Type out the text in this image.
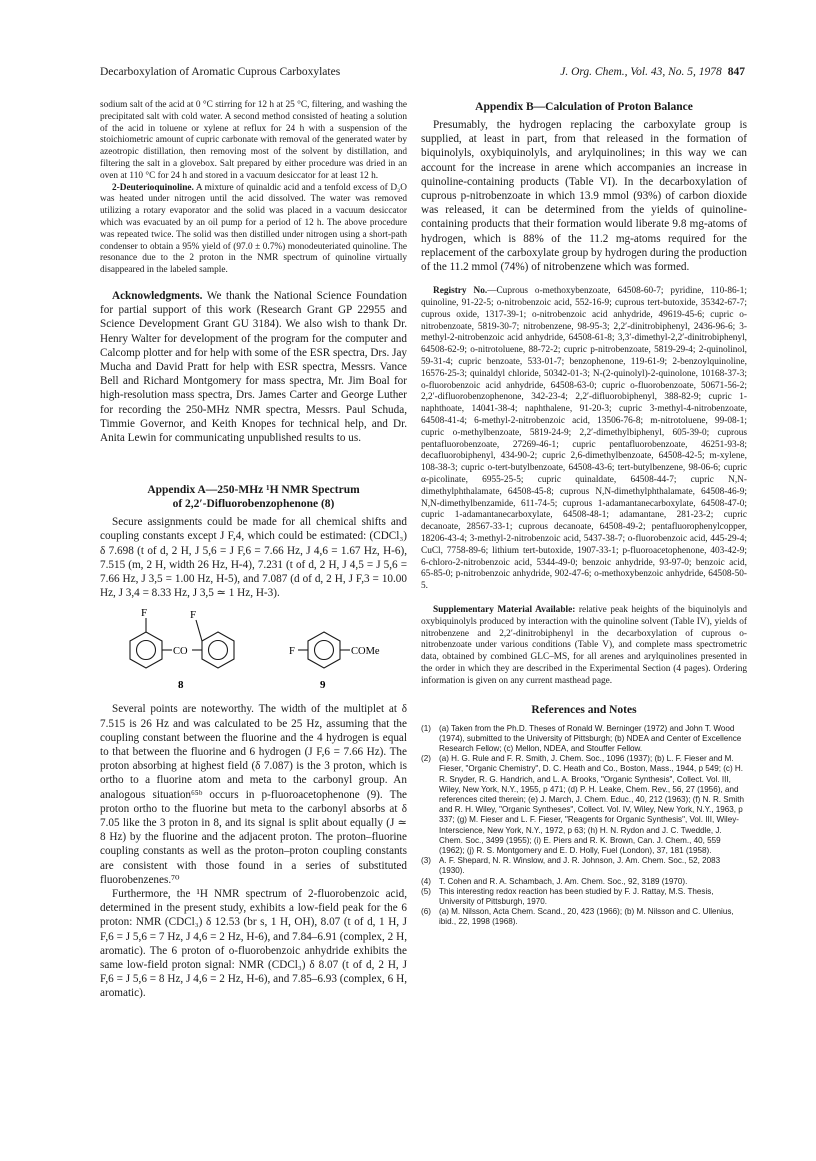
Decarboxylation of Aromatic Cuprous Carboxylates	J. Org. Chem., Vol. 43, No. 5, 1978 847

sodium salt of the acid at 0 °C stirring for 12 h at 25 °C, filtering, and washing the precipitated salt with cold water. A second method consisted of heating a solution of the acid in toluene or xylene at reflux for 24 h with a suspension of the stoichiometric amount of cupric carbonate with removal of the generated water by azeotropic distillation, then removing most of the solvent by distillation, and filtering the salt in a glovebox. Salt prepared by either procedure was dried in an oven at 110 °C for 24 h and stored in a vacuum desiccator for at least 12 h.

2-Deuterioquinoline. A mixture of quinaldic acid and a tenfold excess of D₂O was heated under nitrogen until the acid dissolved. The water was removed utilizing a rotary evaporator and the solid was placed in a vacuum desiccator which was evacuated by an oil pump for a period of 12 h. The above procedure was repeated twice. The solid was then distilled under nitrogen using a short-path condenser to obtain a 95% yield of (97.0 ± 0.7%) monodeuteriated quinoline. The resonance due to the 2 proton in the NMR spectrum of quinoline virtually disappeared in the labeled sample.

Acknowledgments. We thank the National Science Foundation for partial support of this work (Research Grant GP 22955 and Science Development Grant GU 3184). We also wish to thank Dr. Henry Walter for development of the program for the computer and Calcomp plotter and for help with some of the ESR spectra, Drs. Jay Mucha and David Pratt for help with ESR spectra, Messrs. Vance Bell and Richard Montgomery for mass spectra, Mr. Jim Boal for high-resolution mass spectra, Drs. James Carter and George Luther for recording the 250-MHz NMR spectra, Messrs. Paul Schuda, Timmie Governor, and Keith Knopes for technical help, and Dr. Anita Lewin for communicating unpublished results to us.

Appendix A—250-MHz ¹H NMR Spectrum

of 2,2′-Difluorobenzophenone (8)

Secure assignments could be made for all chemical shifts and coupling constants except J F,4, which could be estimated: (CDCl₃) δ 7.698 (t of d, 2 H, J 5,6 = J F,6 = 7.66 Hz, J 4,6 = 1.67 Hz, H-6), 7.515 (m, 2 H, width 26 Hz, H-4), 7.231 (t of d, 2 H, J 4,5 = J 5,6 = 7.66 Hz, J 3,5 = 1.00 Hz, H-5), and 7.087 (d of d, 2 H, J F,3 = 10.00 Hz, J 3,4 = 8.33 Hz, J 3,5 ≃ 1 Hz, H-3).

F	F
CO	F	COMe
8	9

Several points are noteworthy. The width of the multiplet at δ 7.515 is 26 Hz and was calculated to be 25 Hz, assuming that the coupling constant between the fluorine and the 4 hydrogen is equal to that between the fluorine and 6 hydrogen (J F,6 = 7.66 Hz). The proton absorbing at highest field (δ 7.087) is the 3 proton, which is ortho to a fluorine atom and meta to the carbonyl group. An analogous situation⁶⁵ᵇ occurs in p-fluoroacetophenone (9). The proton ortho to the fluorine but meta to the carbonyl absorbs at δ 7.05 like the 3 proton in 8, and its signal is split about equally (J ≃ 8 Hz) by the fluorine and the adjacent proton. The proton–fluorine coupling constants as well as the proton–proton coupling constants are consistent with those found in a series of substituted fluorobenzenes.⁷⁰

Furthermore, the ¹H NMR spectrum of 2-fluorobenzoic acid, determined in the present study, exhibits a low-field peak for the 6 proton: NMR (CDCl₃) δ 12.53 (br s, 1 H, OH), 8.07 (t of d, 1 H, J F,6 = J 5,6 = 7 Hz, J 4,6 = 2 Hz, H-6), and 7.84–6.91 (complex, 2 H, aromatic). The 6 proton of o-fluorobenzoic anhydride exhibits the same low-field proton signal: NMR (CDCl₃) δ 8.07 (t of d, 2 H, J F,6 = J 5,6 = 8 Hz, J 4,6 = 2 Hz, H-6), and 7.85–6.93 (complex, 6 H, aromatic).

Appendix B—Calculation of Proton Balance

Presumably, the hydrogen replacing the carboxylate group is supplied, at least in part, from that released in the formation of biquinolyls, oxybiquinolyls, and arylquinolines; in this way we can account for the increase in arene which accompanies an increase in quinoline-containing products (Table VI). In the decarboxylation of cuprous p-nitrobenzoate in which 13.9 mmol (93%) of carbon dioxide was released, it can be determined from the yields of quinoline-containing products that their formation would liberate 9.8 mg-atoms of hydrogen, which is 88% of the 11.2 mg-atoms required for the replacement of the carboxylate group by hydrogen during the production of the 11.2 mmol (74%) of nitrobenzene which was formed.

Registry No.—Cuprous o-methoxybenzoate, 64508-60-7; pyridine, 110-86-1; quinoline, 91-22-5; o-nitrobenzoic acid, 552-16-9; cuprous tert-butoxide, 35342-67-7; cuprous oxide, 1317-39-1; o-nitrobenzoic acid anhydride, 49619-45-6; cupric o-nitrobenzoate, 5819-30-7; nitrobenzene, 98-95-3; 2,2′-dinitrobiphenyl, 2436-96-6; 3-methyl-2-nitrobenzoic acid anhydride, 64508-61-8; 3,3′-dimethyl-2,2′-dinitrobiphenyl, 64508-62-9; o-nitrotoluene, 88-72-2; cupric p-nitrobenzoate, 5819-29-4; 2-quinolinol, 59-31-4; cupric benzoate, 533-01-7; benzophenone, 119-61-9; 2-benzoylquinoline, 16576-25-3; quinaldyl chloride, 50342-01-3; N-(2-quinolyl)-2-quinolone, 10168-37-3; o-fluorobenzoic acid anhydride, 64508-63-0; cupric o-fluorobenzoate, 50671-56-2; 2,2′-difluorobenzophenone, 342-23-4; 2,2′-difluorobiphenyl, 388-82-9; cupric 1-naphthoate, 14041-38-4; naphthalene, 91-20-3; cupric 3-methyl-4-nitrobenzoate, 64508-41-4; 6-methyl-2-nitrobenzoic acid, 13506-76-8; m-nitrotoluene, 99-08-1; cupric o-methylbenzoate, 5819-24-9; 2,2′-dimethylbiphenyl, 605-39-0; cuprous pentafluorobenzoate, 27269-46-1; cupric pentafluorobenzoate, 46251-93-8; decafluorobiphenyl, 434-90-2; cupric 2,6-dimethylbenzoate, 64508-42-5; m-xylene, 108-38-3; cupric o-tert-butylbenzoate, 64508-43-6; tert-butylbenzene, 98-06-6; cupric α-picolinate, 6955-25-5; cupric quinaldate, 64508-44-7; cupric N,N-dimethylphthalamate, 64508-45-8; cuprous N,N-dimethylphthalamate, 64508-46-9; N,N-dimethylbenzamide, 611-74-5; cuprous 1-adamantanecarboxylate, 64508-47-0; cupric 1-adamantanecarboxylate, 64508-48-1; adamantane, 281-23-2; cupric decanoate, 28567-33-1; cuprous decanoate, 64508-49-2; pentafluorophenylcopper, 18206-43-4; 3-methyl-2-nitrobenzoic acid, 5437-38-7; o-fluorobenzoic acid, 445-29-4; CuCl, 7758-89-6; lithium tert-butoxide, 1907-33-1; p-fluoroacetophenone, 403-42-9; 6-chloro-2-nitrobenzoic acid, 5344-49-0; benzoic anhydride, 93-97-0; benzoic acid, 65-85-0; p-nitrobenzoic anhydride, 902-47-6; o-methoxybenzoic anhydride, 64508-50-5.

Supplementary Material Available: relative peak heights of the biquinolyls and oxybiquinolyls produced by interaction with the quinoline solvent (Table IV), yields of nitrobenzene and 2,2′-dinitrobiphenyl in the decarboxylation of cuprous o-nitrobenzoate under various conditions (Table V), and complete mass spectrometric data, obtained by combined GLC–MS, for all arenes and arylquinolines presented in the order in which they are described in the Experimental Section (4 pages). Ordering information is given on any current masthead page.

References and Notes

(1) (a) Taken from the Ph.D. Theses of Ronald W. Berninger (1972) and John T. Wood (1974), submitted to the University of Pittsburgh; (b) NDEA and Center of Excellence Research Fellow; (c) Mellon, NDEA, and Stouffer Fellow.
(2) (a) H. G. Rule and F. R. Smith, J. Chem. Soc., 1096 (1937); (b) L. F. Fieser and M. Fieser, "Organic Chemistry", D. C. Heath and Co., Boston, Mass., 1944, p 549; (c) H. R. Snyder, R. G. Handrich, and L. A. Brooks, "Organic Synthesis", Collect. Vol. III, Wiley, New York, N.Y., 1955, p 471; (d) P. H. Leake, Chem. Rev., 56, 27 (1956), and references cited therein; (e) J. March, J. Chem. Educ., 40, 212 (1963); (f) N. R. Smith and R. H. Wiley, "Organic Syntheses", Collect. Vol. IV, Wiley, New York, N.Y., 1963, p 337; (g) M. Fieser and L. F. Fieser, "Reagents for Organic Synthesis", Vol. III, Wiley-Interscience, New York, N.Y., 1972, p 63; (h) H. N. Rydon and J. C. Tweddle, J. Chem. Soc., 3499 (1955); (i) E. Piers and R. K. Brown, Can. J. Chem., 40, 559 (1962); (j) R. S. Montgomery and E. D. Holly, Fuel (London), 37, 181 (1958).
(3) A. F. Shepard, N. R. Winslow, and J. R. Johnson, J. Am. Chem. Soc., 52, 2083 (1930).
(4) T. Cohen and R. A. Schambach, J. Am. Chem. Soc., 92, 3189 (1970).
(5) This interesting redox reaction has been studied by F. J. Rattay, M.S. Thesis, University of Pittsburgh, 1970.
(6) (a) M. Nilsson, Acta Chem. Scand., 20, 423 (1966); (b) M. Nilsson and C. Ullenius, ibid., 22, 1998 (1968).
